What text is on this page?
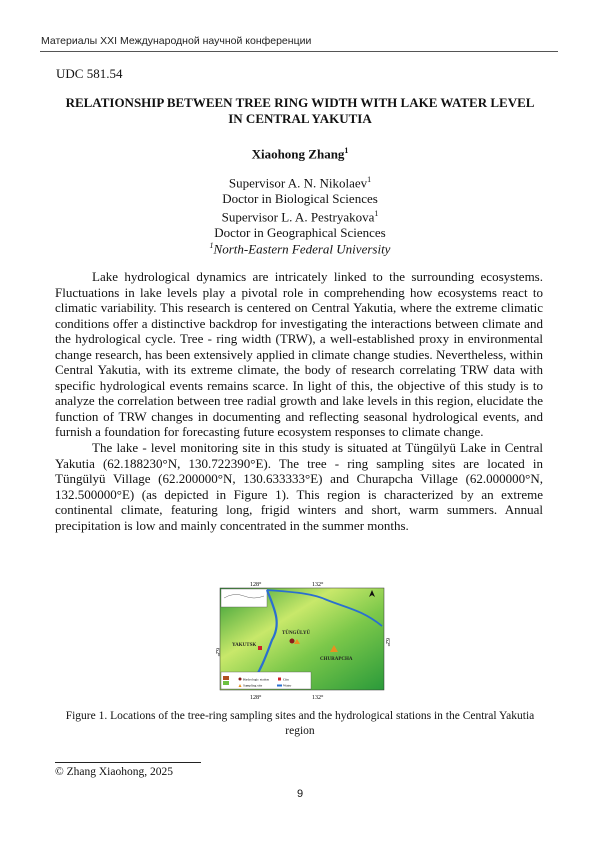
Материалы XXI Международной научной конференции
UDC 581.54
RELATIONSHIP BETWEEN TREE RING WIDTH WITH LAKE WATER LEVEL IN CENTRAL YAKUTIA
Xiaohong Zhang$^1$
Supervisor A. N. Nikolaev$^1$
Doctor in Biological Sciences
Supervisor L. A. Pestryakova$^1$
Doctor in Geographical Sciences
$^1$North-Eastern Federal University

Lake hydrological dynamics are intricately linked to the surrounding ecosystems. Fluctuations in lake levels play a pivotal role in comprehending how ecosystems react to climatic variability. This research is centered on Central Yakutia, where the extreme climatic conditions offer a distinctive backdrop for investigating the interactions between climate and the hydrological cycle. Tree - ring width (TRW), a well-established proxy in environmental change research, has been extensively applied in climate change studies. Nevertheless, within Central Yakutia, with its extreme climate, the body of research correlating TRW data with specific hydrological events remains scarce. In light of this, the objective of this study is to analyze the correlation between tree radial growth and lake levels in this region, elucidate the function of TRW changes in documenting and reflecting seasonal hydrological events, and furnish a foundation for forecasting future ecosystem responses to climate change.

The lake - level monitoring site in this study is situated at Tüngülyü Lake in Central Yakutia (62.188230°N, 130.722390°E). The tree - ring sampling sites are located in Tüngülyü Village (62.200000°N, 130.633333°E) and Churapcha Village (62.000000°N, 132.500000°E) (as depicted in Figure 1). This region is characterized by an extreme continental climate, featuring long, frigid winters and short, warm summers. Annual precipitation is low and mainly concentrated in the summer months.

128°	132°
128°	132°
62°
62°
YAKUTSK
TÜNGÜLYÜ
CHURAPCHA
Hydrologic station	City
Sampling site	Water
Figure 1. Locations of the tree-ring sampling sites and the hydrological stations in the Central Yakutia region
© Zhang Xiaohong, 2025
9
